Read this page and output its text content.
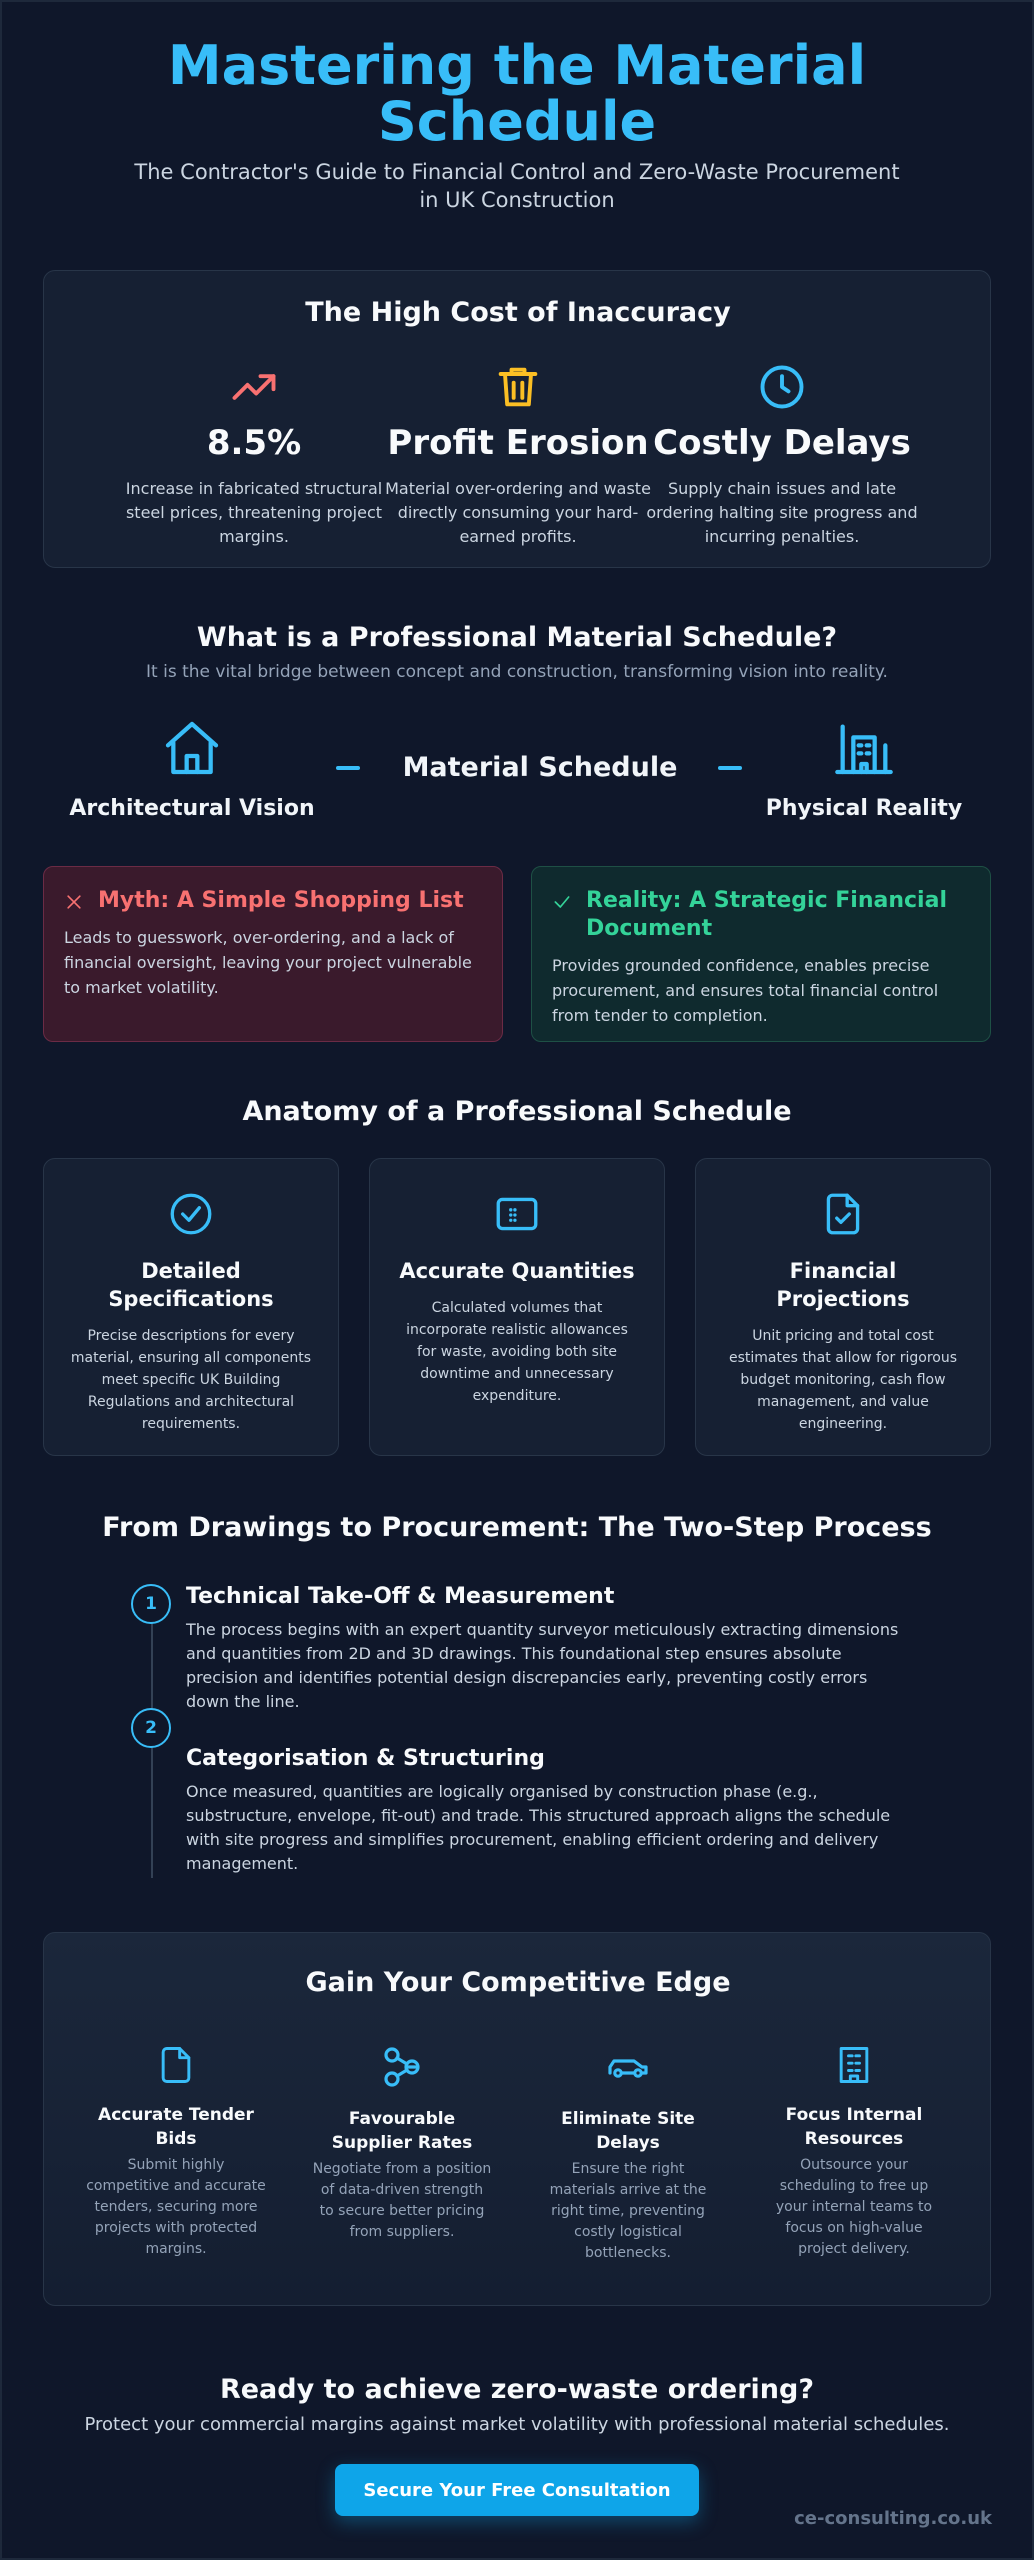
Mastering the Material Schedule

The Contractor's Guide to Financial Control and Zero-Waste Procurement in UK Construction

The High Cost of Inaccuracy
8.5%
Increase in fabricated structural steel prices, threatening project margins.
Profit Erosion
Material over-ordering and waste directly consuming your hard-earned profits.
Costly Delays
Supply chain issues and late ordering halting site progress and incurring penalties.
What is a Professional Material Schedule?

It is the vital bridge between concept and construction, transforming vision into reality.

Architectural Vision
Material Schedule
Physical Reality
Myth: A Simple Shopping List
Leads to guesswork, over-ordering, and a lack of financial oversight, leaving your project vulnerable to market volatility.
Reality: A Strategic Financial Document
Provides grounded confidence, enables precise procurement, and ensures total financial control from tender to completion.
Anatomy of a Professional Schedule
Detailed Specifications
Precise descriptions for every material, ensuring all components meet specific UK Building Regulations and architectural requirements.
Accurate Quantities
Calculated volumes that incorporate realistic allowances for waste, avoiding both site downtime and unnecessary expenditure.
Financial Projections
Unit pricing and total cost estimates that allow for rigorous budget monitoring, cash flow management, and value engineering.
From Drawings to Procurement: The Two-Step Process
1	Technical Take-Off & Measurement
The process begins with an expert quantity surveyor meticulously extracting dimensions and quantities from 2D and 3D drawings. This foundational step ensures absolute precision and identifies potential design discrepancies early, preventing costly errors down the line.
2
Categorisation & Structuring
Once measured, quantities are logically organised by construction phase (e.g., substructure, envelope, fit-out) and trade. This structured approach aligns the schedule with site progress and simplifies procurement, enabling efficient ordering and delivery management.
Gain Your Competitive Edge
Accurate Tender Bids
Submit highly competitive and accurate tenders, securing more projects with protected margins.
Favourable Supplier Rates
Negotiate from a position of data-driven strength to secure better pricing from suppliers.
Eliminate Site Delays
Ensure the right materials arrive at the right time, preventing costly logistical bottlenecks.
Focus Internal Resources
Outsource your scheduling to free up your internal teams to focus on high-value project delivery.
Ready to achieve zero-waste ordering?

Protect your commercial margins against market volatility with professional material schedules.

Secure Your Free Consultation
ce-consulting.co.uk
